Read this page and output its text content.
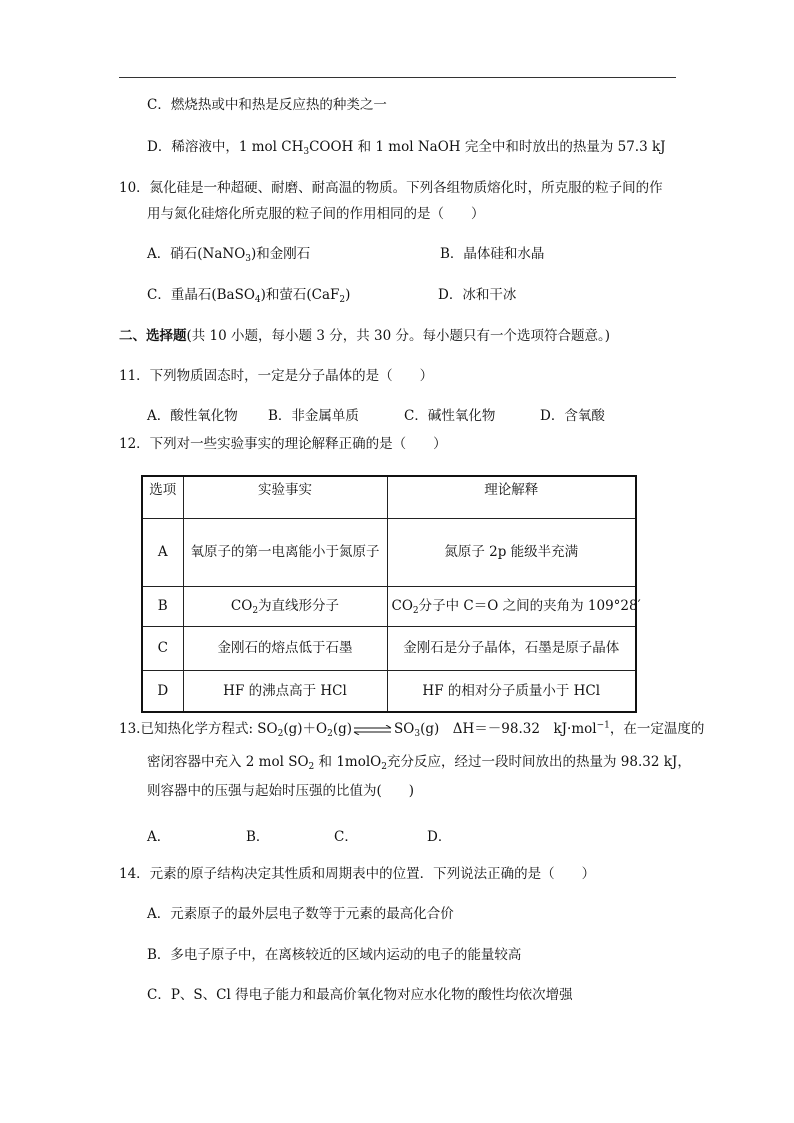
C．燃烧热或中和热是反应热的种类之一
D．稀溶液中，1 mol $CH_3COOH$ 和 1 mol NaOH 完全中和时放出的热量为 57.3 kJ
10．氮化硅是一种超硬、耐磨、耐高温的物质。下列各组物质熔化时，所克服的粒子间的作
用与氮化硅熔化所克服的粒子间的作用相同的是（　　）
A．硝石(NaNO$_3$)和金刚石	B．晶体硅和水晶
C．重晶石(BaSO$_4$)和萤石(CaF$_2$)	D．冰和干冰
二、选择题(共 10 小题，每小题 3 分，共 30 分。每小题只有一个选项符合题意。)
11．下列物质固态时，一定是分子晶体的是（　　）
A．酸性氧化物 B．非金属单质	C．碱性氧化物	D．含氧酸
12．下列对一些实验事实的理论解释正确的是（　　）
选项	实验事实	理论解释
A	氧原子的第一电离能小于氮原子	氮原子 2p 能级半充满
B	$CO_2$为直线形分子	$CO_2$分子中 C＝O 之间的夹角为 109°28′
C	金刚石的熔点低于石墨	金刚石是分子晶体，石墨是原子晶体
D	HF 的沸点高于 HCl	HF 的相对分子质量小于 HCl
13.已知热化学方程式: $SO_2(g)+O_2(g)\rightleftharpoons SO_3(g)$　ΔH＝－98.32　kJ·mol$^{-1}$，在一定温度的
密闭容器中充入 2 mol $SO_2$ 和 1molO$_2$充分反应，经过一段时间放出的热量为 98.32 kJ，
则容器中的压强与起始时压强的比值为(　　)
A．	B．	C．	D．
14．元素的原子结构决定其性质和周期表中的位置．下列说法正确的是（　　）
A．元素原子的最外层电子数等于元素的最高化合价
B．多电子原子中，在离核较近的区域内运动的电子的能量较高
C．P、S、Cl 得电子能力和最高价氧化物对应水化物的酸性均依次增强
